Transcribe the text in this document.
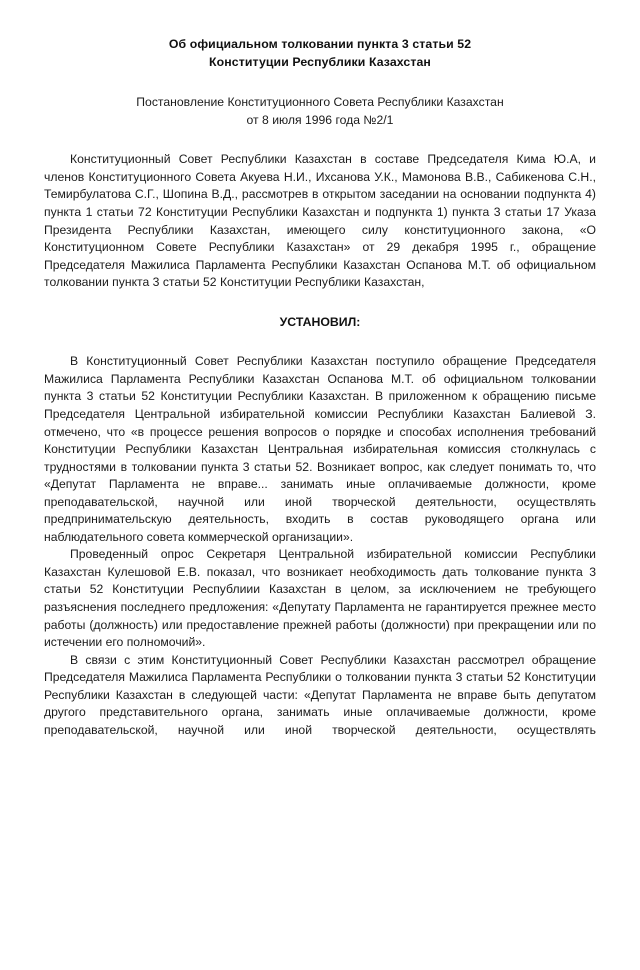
Об официальном толковании пункта 3 статьи 52
Конституции Республики Казахстан
Постановление Конституционного Совета Республики Казахстан
от 8 июля 1996 года №2/1

Конституционный Совет Республики Казахстан в составе Председателя Кима Ю.А, и членов Конституционного Совета Акуева Н.И., Ихсанова У.К., Мамонова В.В., Сабикенова С.Н., Темирбулатова С.Г., Шопина В.Д., рассмотрев в открытом заседании на основании подпункта 4) пункта 1 статьи 72 Конституции Республики Казахстан и подпункта 1) пункта 3 статьи 17 Указа Президента Республики Казахстан, имеющего силу конституционного закона, «О Конституционном Совете Республики Казахстан» от 29 декабря 1995 г., обращение Председателя Мажилиса Парламента Республики Казахстан Оспанова М.Т. об официальном толковании пункта 3 статьи 52 Конституции Республики Казахстан,

УСТАНОВИЛ:

В Конституционный Совет Республики Казахстан поступило обращение Председателя Мажилиса Парламента Республики Казахстан Оспанова М.Т. об официальном толковании пункта 3 статьи 52 Конституции Республики Казахстан. В приложенном к обращению письме Председателя Центральной избирательной комиссии Республики Казахстан Балиевой З. отмечено, что «в процессе решения вопросов о порядке и способах исполнения требований Конституции Республики Казахстан Центральная избирательная комиссия столкнулась с трудностями в толковании пункта 3 статьи 52. Возникает вопрос, как следует понимать то, что «Депутат Парламента не вправе... занимать иные оплачиваемые должности, кроме преподавательской, научной или иной творческой деятельности, осуществлять предпринимательскую деятельность, входить в состав руководящего органа или наблюдательного совета коммерческой организации».

Проведенный опрос Секретаря Центральной избирательной комиссии Республики Казахстан Кулешовой Е.В. показал, что возникает необходимость дать толкование пункта 3 статьи 52 Конституции Республиии Казахстан в целом, за исключением не требующего разъяснения последнего предложения: «Депутату Парламента не гарантируется прежнее место работы (должность) или предоставление прежней работы (должности) при прекращении или по истечении его полномочий».

В связи с этим Конституционный Совет Республики Казахстан рассмотрел обращение Председателя Мажилиса Парламента Республики о толковании пункта 3 статьи 52 Конституции Республики Казахстан в следующей части: «Депутат Парламента не вправе быть депутатом другого представительного органа, занимать иные оплачиваемые должности, кроме преподавательской, научной или иной творческой деятельности, осуществлять
